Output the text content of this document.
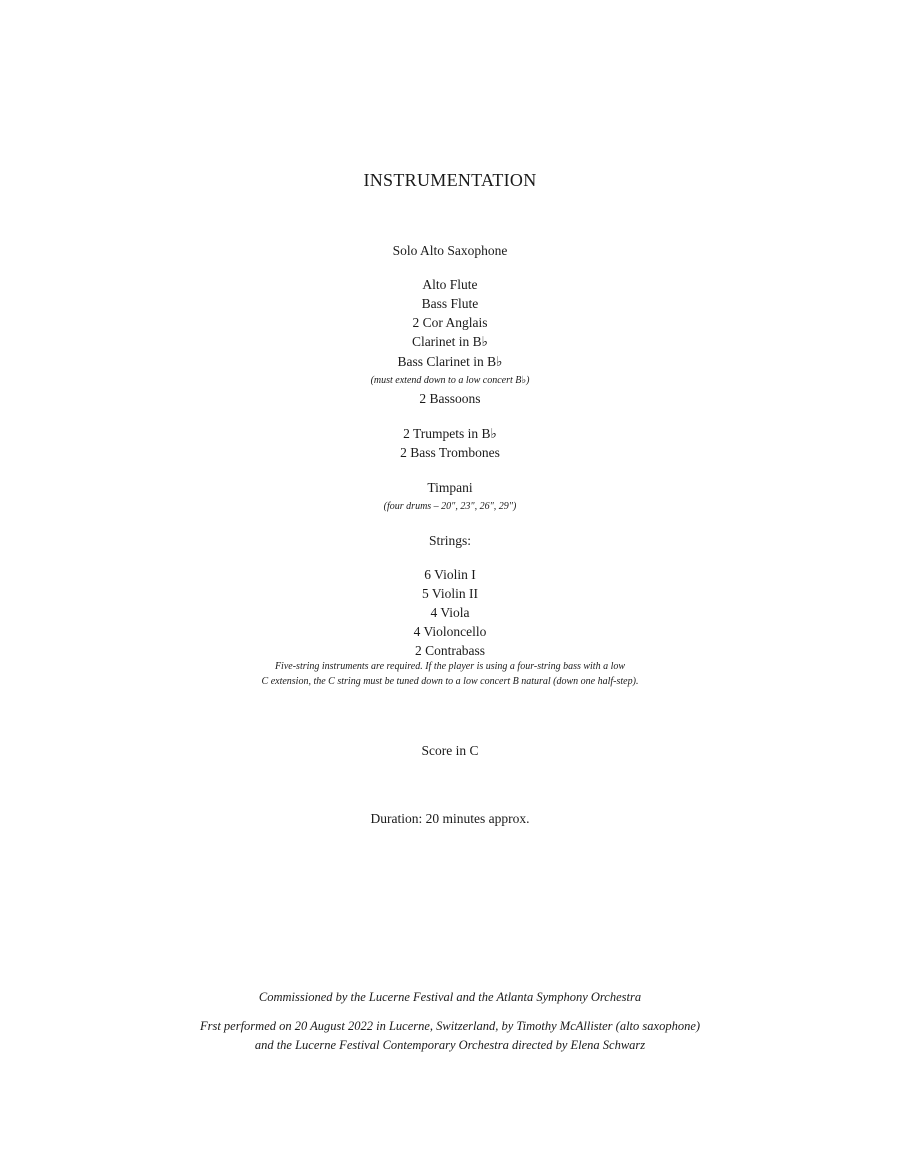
INSTRUMENTATION
Solo Alto Saxophone
Alto Flute
Bass Flute
2 Cor Anglais
Clarinet in B♭
Bass Clarinet in B♭
(must extend down to a low concert B♭)
2 Bassoons
2 Trumpets in B♭
2 Bass Trombones
Timpani
(four drums – 20", 23", 26", 29")
Strings:
6 Violin I
5 Violin II
4 Viola
4 Violoncello
2 Contrabass
Five-string instruments are required. If the player is using a four-string bass with a low
C extension, the C string must be tuned down to a low concert B natural (down one half-step).
Score in C
Duration: 20 minutes approx.
Commissioned by the Lucerne Festival and the Atlanta Symphony Orchestra
Frst performed on 20 August 2022 in Lucerne, Switzerland, by Timothy McAllister (alto saxophone)
and the Lucerne Festival Contemporary Orchestra directed by Elena Schwarz
